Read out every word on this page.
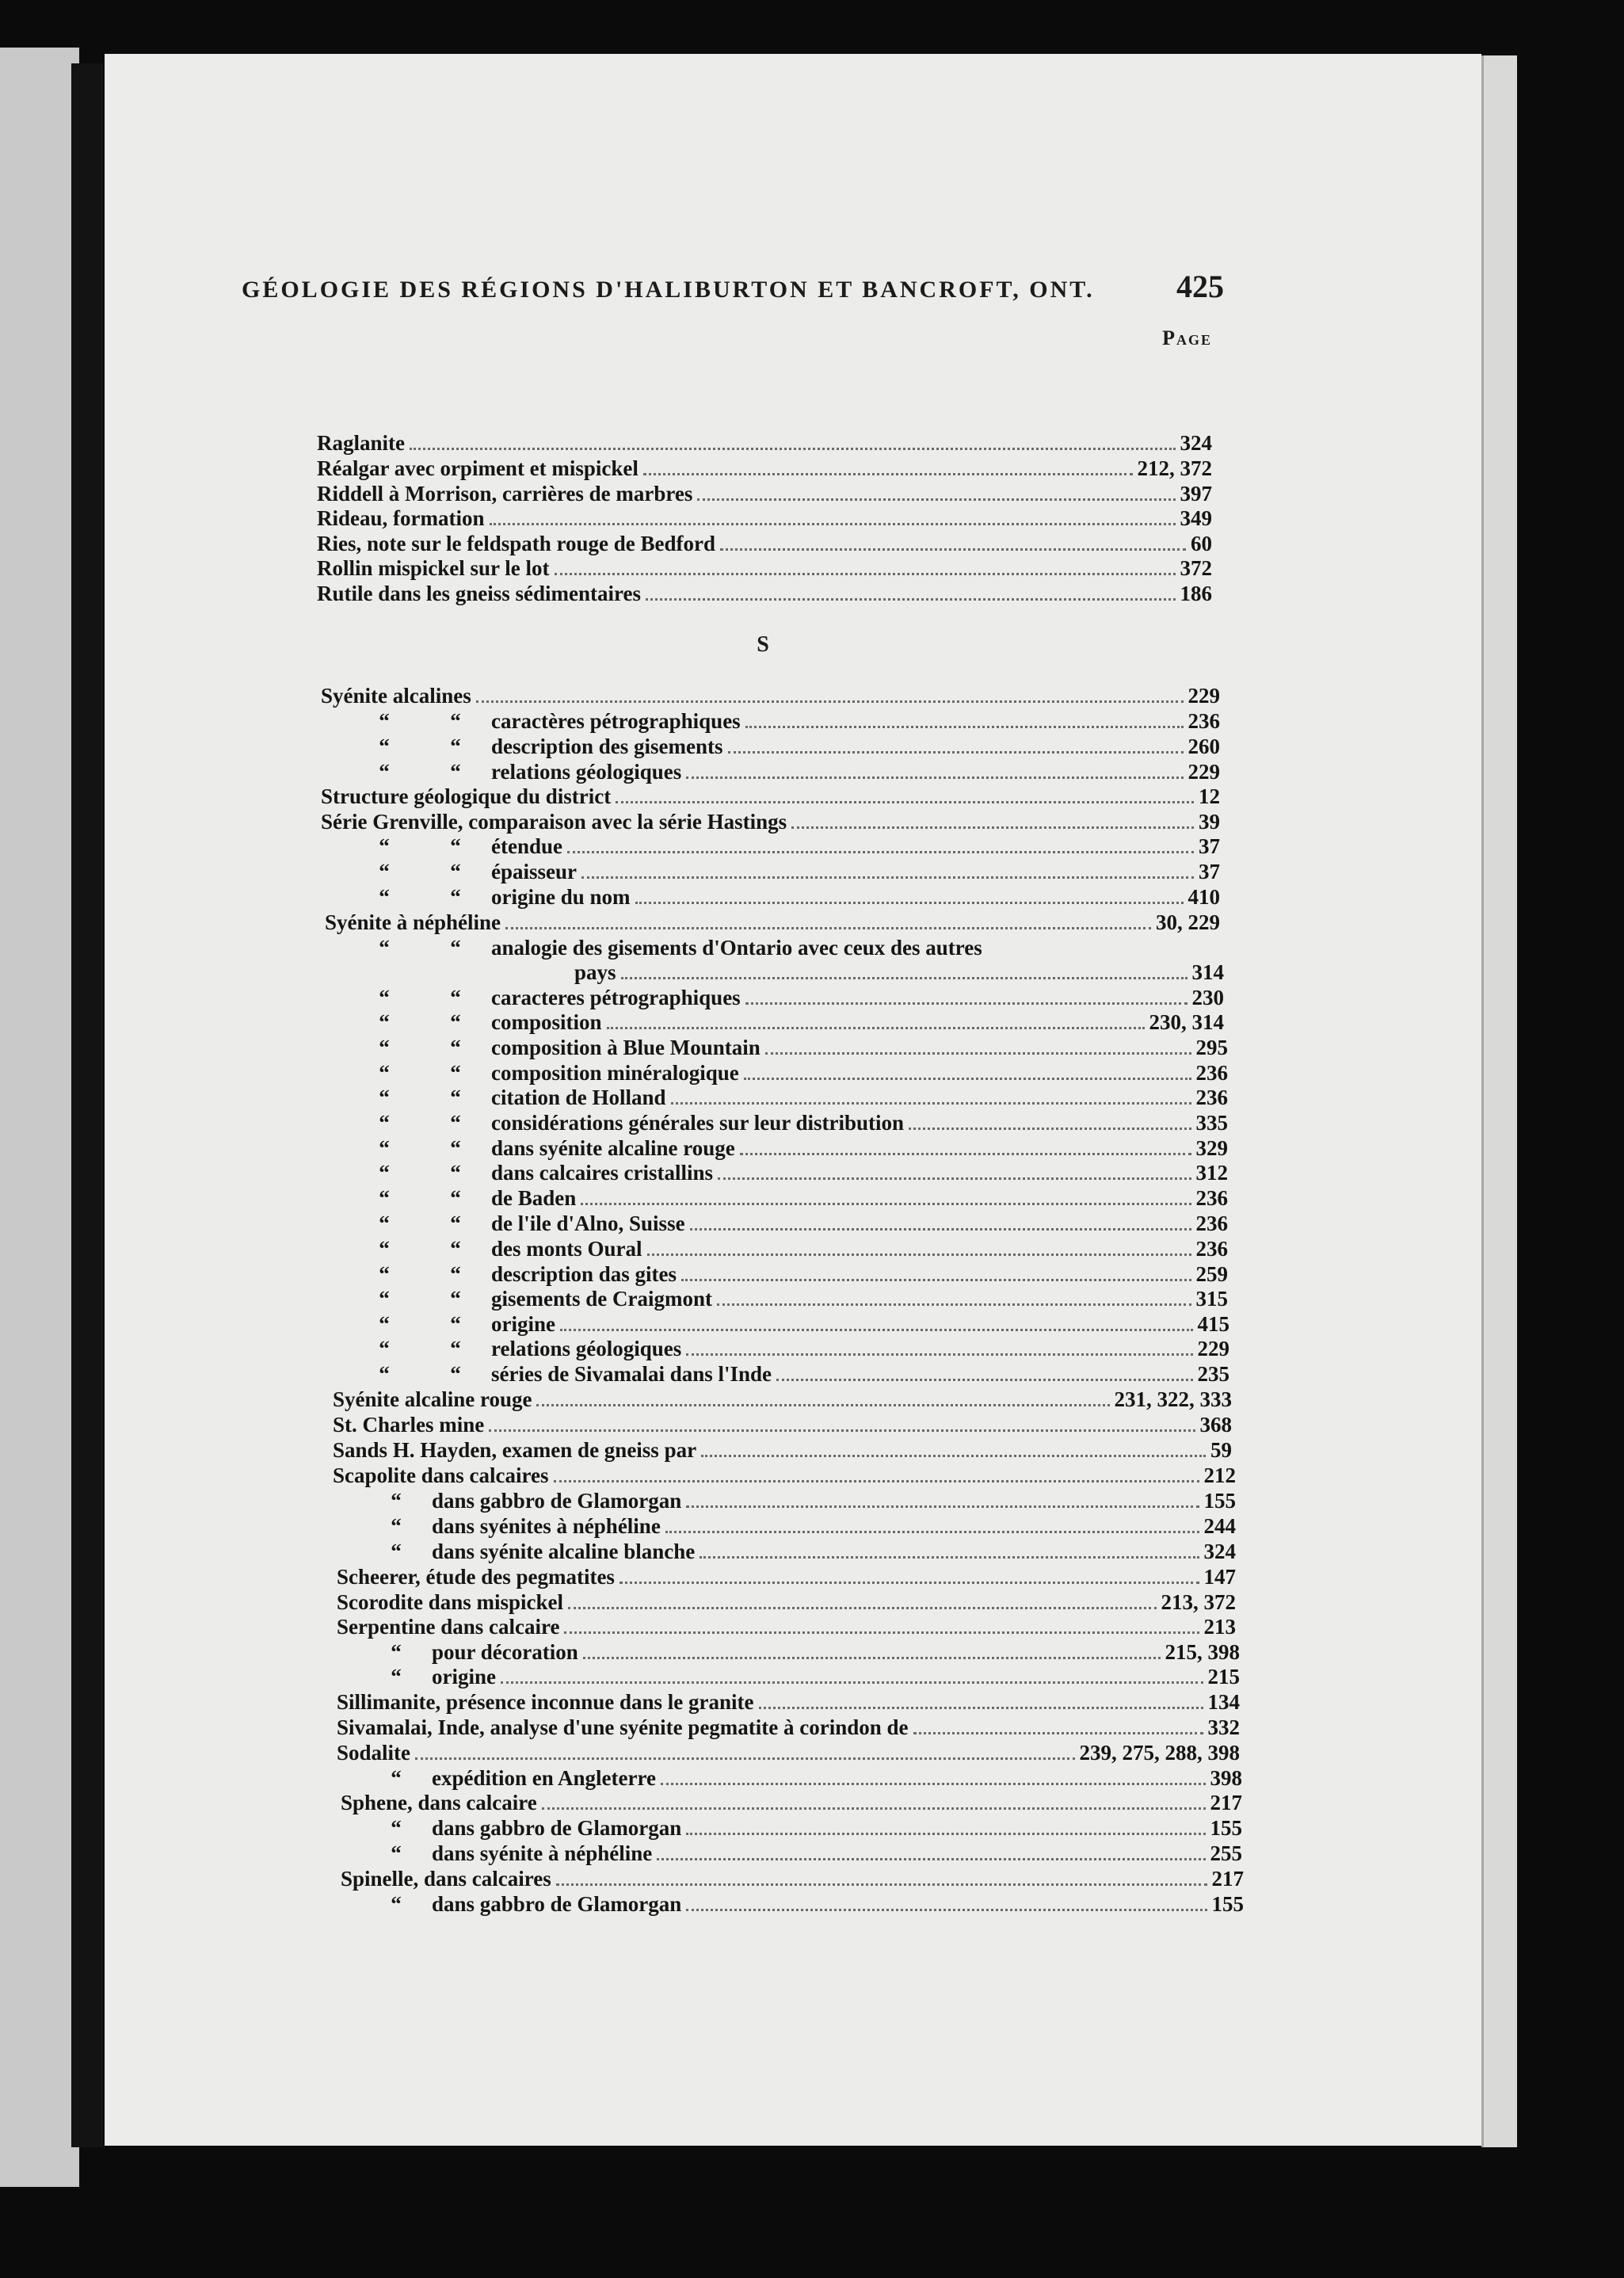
GÉOLOGIE DES RÉGIONS D'HALIBURTON ET BANCROFT, ONT.	425
Page
S
Raglanite	324
Réalgar avec orpiment et mispickel	212, 372
Riddell à Morrison, carrières de marbres	397
Rideau, formation	349
Ries, note sur le feldspath rouge de Bedford	60
Rollin mispickel sur le lot	372
Rutile dans les gneiss sédimentaires	186
Syénite alcalines	229
“	“	caractères pétrographiques	236
“	“	description des gisements	260
“	“	relations géologiques	229
Structure géologique du district	12
Série Grenville, comparaison avec la série Hastings	39
“	“	étendue	37
“	“	épaisseur	37
“	“	origine du nom	410
Syénite à néphéline	30, 229
“	“	analogie des gisements d'Ontario avec ceux des autres
pays	314
“	“	caracteres pétrographiques	230
“	“	composition	230, 314
“	“	composition à Blue Mountain	295
“	“	composition minéralogique	236
“	“	citation de Holland	236
“	“	considérations générales sur leur distribution	335
“	“	dans syénite alcaline rouge	329
“	“	dans calcaires cristallins	312
“	“	de Baden	236
“	“	de l'ile d'Alno, Suisse	236
“	“	des monts Oural	236
“	“	description das gites	259
“	“	gisements de Craigmont	315
“	“	origine	415
“	“	relations géologiques	229
“	“	séries de Sivamalai dans l'Inde	235
Syénite alcaline rouge	231, 322, 333
St. Charles mine	368
Sands H. Hayden, examen de gneiss par	59
Scapolite dans calcaires	212
“	dans gabbro de Glamorgan	155
“	dans syénites à néphéline	244
“	dans syénite alcaline blanche	324
Scheerer, étude des pegmatites	147
Scorodite dans mispickel	213, 372
Serpentine dans calcaire	213
“	pour décoration	215, 398
“	origine	215
Sillimanite, présence inconnue dans le granite	134
Sivamalai, Inde, analyse d'une syénite pegmatite à corindon de	332
Sodalite	239, 275, 288, 398
“	expédition en Angleterre	398
Sphene, dans calcaire	217
“	dans gabbro de Glamorgan	155
“	dans syénite à néphéline	255
Spinelle, dans calcaires	217
“	dans gabbro de Glamorgan	155
